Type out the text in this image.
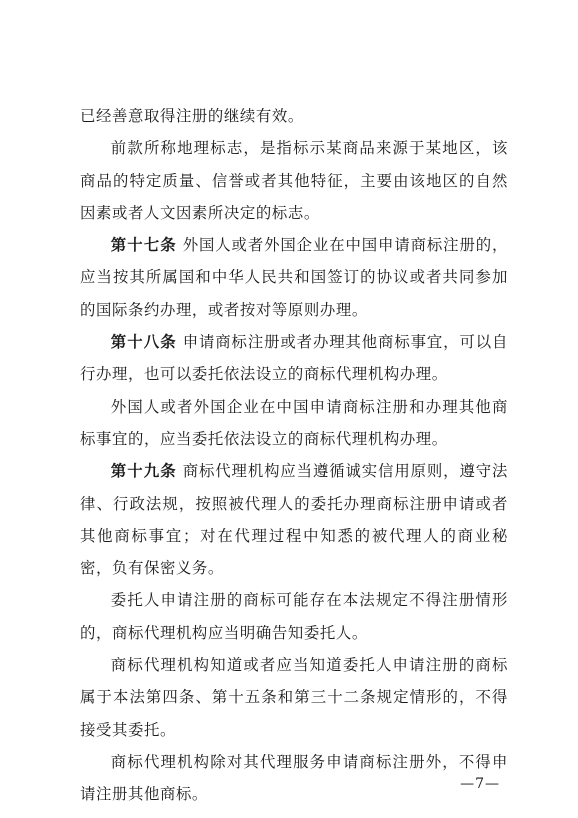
已经善意取得注册的继续有效。

前款所称地理标志，是指标示某商品来源于某地区，该商品的特定质量、信誉或者其他特征，主要由该地区的自然因素或者人文因素所决定的标志。

第十七条 外国人或者外国企业在中国申请商标注册的，应当按其所属国和中华人民共和国签订的协议或者共同参加的国际条约办理，或者按对等原则办理。

第十八条 申请商标注册或者办理其他商标事宜，可以自行办理，也可以委托依法设立的商标代理机构办理。

外国人或者外国企业在中国申请商标注册和办理其他商标事宜的，应当委托依法设立的商标代理机构办理。

第十九条 商标代理机构应当遵循诚实信用原则，遵守法律、行政法规，按照被代理人的委托办理商标注册申请或者其他商标事宜；对在代理过程中知悉的被代理人的商业秘密，负有保密义务。

委托人申请注册的商标可能存在本法规定不得注册情形的，商标代理机构应当明确告知委托人。

商标代理机构知道或者应当知道委托人申请注册的商标属于本法第四条、第十五条和第三十二条规定情形的，不得接受其委托。

商标代理机构除对其代理服务申请商标注册外，不得申请注册其他商标。

—7—
